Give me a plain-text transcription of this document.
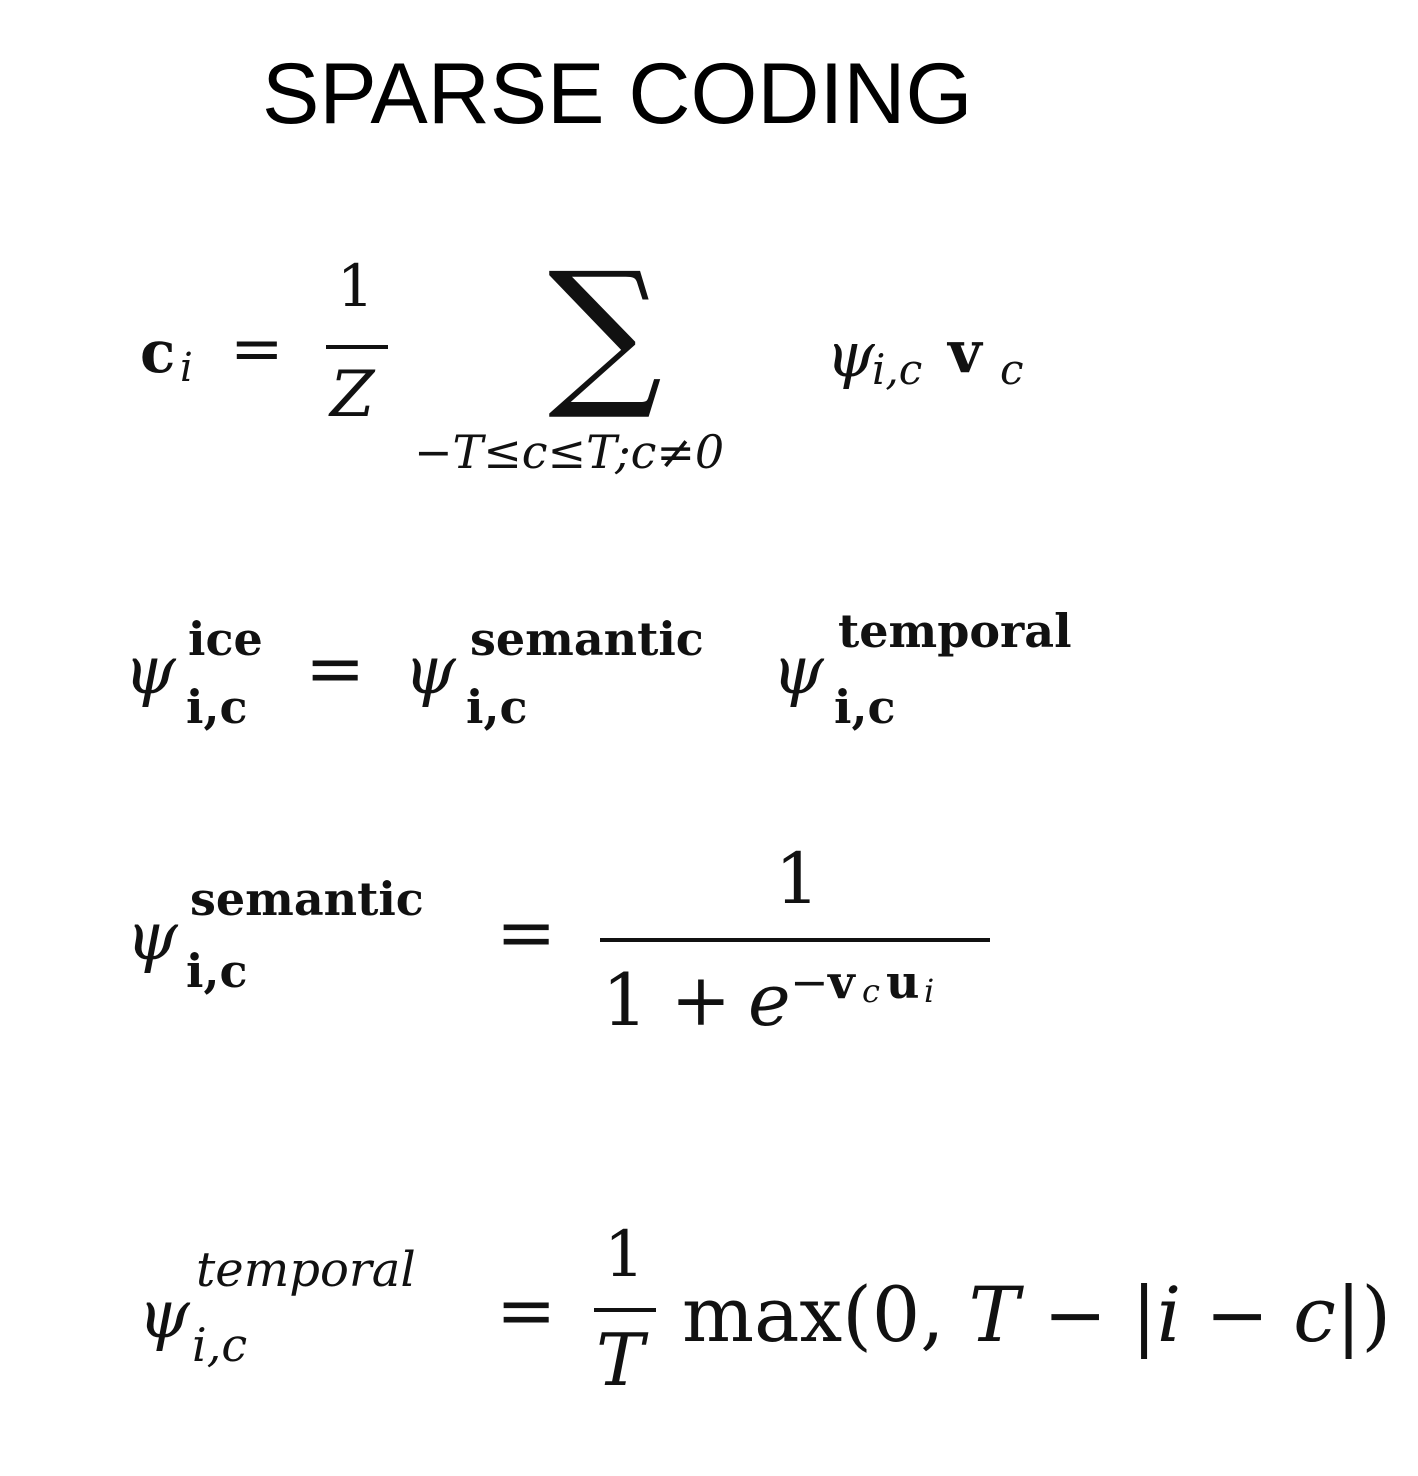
SPARSE CODING
c i =
1
Z ∑
−T≤c≤T;c≠0
ψ
i,c v c
ψ ice
i,c = ψ semantic
i,c	ψ
temporal
i,c
ψ semantic
i,c	=
1
1 + e − v c u i
ψ
temporal
i,c	=
1
T
max(0, T − |i − c|)
